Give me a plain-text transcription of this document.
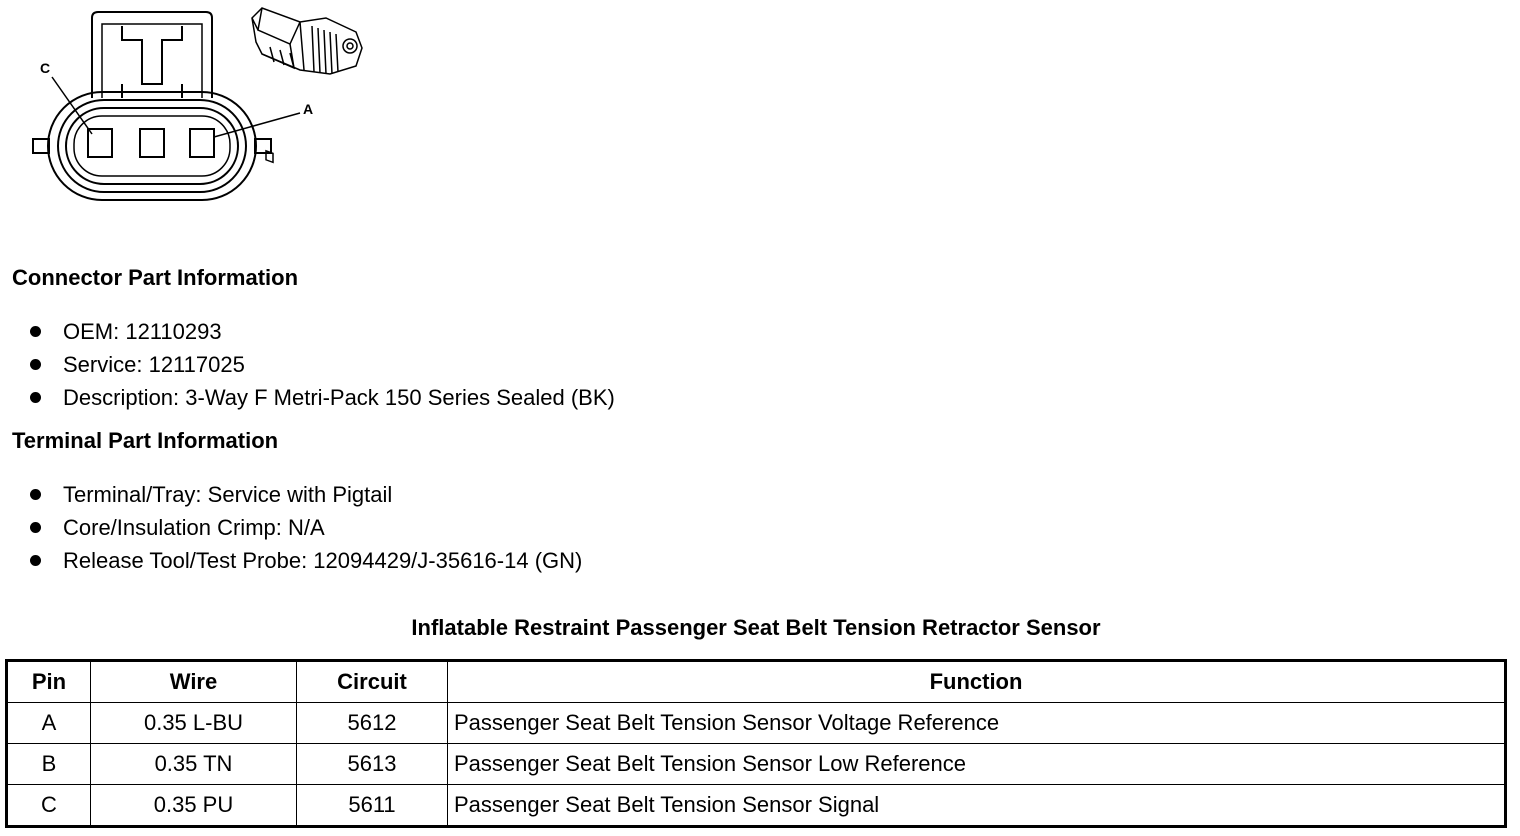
C
A
Connector Part Information
OEM: 12110293
Service: 12117025
Description: 3-Way F Metri-Pack 150 Series Sealed (BK)
Terminal Part Information
Terminal/Tray: Service with Pigtail
Core/Insulation Crimp: N/A
Release Tool/Test Probe: 12094429/J-35616-14 (GN)
Inflatable Restraint Passenger Seat Belt Tension Retractor Sensor
Pin	Wire	Circuit	Function
A	0.35 L-BU	5612	Passenger Seat Belt Tension Sensor Voltage Reference
B	0.35 TN	5613	Passenger Seat Belt Tension Sensor Low Reference
C	0.35 PU	5611	Passenger Seat Belt Tension Sensor Signal
